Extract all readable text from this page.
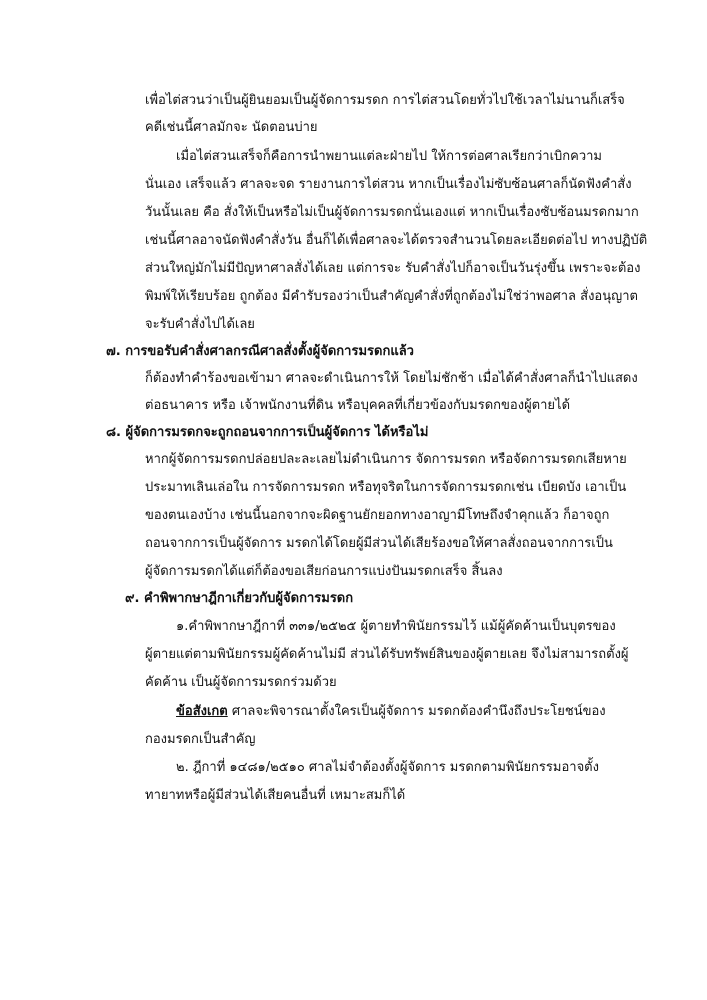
เพื่อไต่สวนว่าเป็นผู้ยินยอมเป็นผู้จัดการมรดก การไต่สวนโดยทั่วไปใช้เวลาไม่นานก็เสร็จ
คดีเช่นนี้ศาลมักจะ นัดตอนบ่าย
เมื่อไต่สวนเสร็จก็คือการนำพยานแต่ละฝ่ายไป ให้การต่อศาลเรียกว่าเบิกความ
นั่นเอง เสร็จแล้ว ศาลจะจด รายงานการไต่สวน หากเป็นเรื่องไม่ซับซ้อนศาลก็นัดฟังคำสั่ง
วันนั้นเลย คือ สั่งให้เป็นหรือไม่เป็นผู้จัดการมรดกนั่นเองแต่ หากเป็นเรื่องซับซ้อนมรดกมาก
เช่นนี้ศาลอาจนัดฟังคำสั่งวัน อื่นก็ได้เพื่อศาลจะได้ตรวจสำนวนโดยละเอียดต่อไป ทางปฏิบัติ
ส่วนใหญ่มักไม่มีปัญหาศาลสั่งได้เลย แต่การจะ รับคำสั่งไปก็อาจเป็นวันรุ่งขึ้น เพราะจะต้อง
พิมพ์ให้เรียบร้อย ถูกต้อง มีคำรับรองว่าเป็นสำคัญคำสั่งที่ถูกต้องไม่ใช่ว่าพอศาล สั่งอนุญาต
จะรับคำสั่งไปได้เลย
๗. การขอรับคำสั่งศาลกรณีศาลสั่งตั้งผู้จัดการมรดกแล้ว
ก็ต้องทำคำร้องขอเข้ามา ศาลจะดำเนินการให้ โดยไม่ชักช้า เมื่อได้คำสั่งศาลก็นำไปแสดง
ต่อธนาคาร หรือ เจ้าพนักงานที่ดิน หรือบุคคลที่เกี่ยวข้องกับมรดกของผู้ตายได้
๘. ผู้จัดการมรดกจะถูกถอนจากการเป็นผู้จัดการ ได้หรือไม่
หากผู้จัดการมรดกปล่อยปละละเลยไม่ดำเนินการ จัดการมรดก หรือจัดการมรดกเสียหาย
ประมาทเลินเล่อใน การจัดการมรดก หรือทุจริตในการจัดการมรดกเช่น เบียดบัง เอาเป็น
ของตนเองบ้าง เช่นนี้นอกจากจะผิดฐานยักยอกทางอาญามีโทษถึงจำคุกแล้ว ก็อาจถูก
ถอนจากการเป็นผู้จัดการ มรดกได้โดยผู้มีส่วนได้เสียร้องขอให้ศาลสั่งถอนจากการเป็น
ผู้จัดการมรดกได้แต่ก็ต้องขอเสียก่อนการแบ่งปันมรดกเสร็จ สิ้นลง
๙. คำพิพากษาฎีกาเกี่ยวกับผู้จัดการมรดก
๑.คำพิพากษาฎีกาที่ ๓๓๑/๒๕๒๕ ผู้ตายทำพินัยกรรมไว้ แม้ผู้คัดค้านเป็นบุตรของ
ผู้ตายแต่ตามพินัยกรรมผู้คัดค้านไม่มี ส่วนได้รับทรัพย์สินของผู้ตายเลย จึงไม่สามารถตั้งผู้
คัดค้าน เป็นผู้จัดการมรดกร่วมด้วย
ข้อสังเกต ศาลจะพิจารณาตั้งใครเป็นผู้จัดการ มรดกต้องคำนึงถึงประโยชน์ของ
กองมรดกเป็นสำคัญ
๒. ฎีกาที่ ๑๔๘๑/๒๕๑๐ ศาลไม่จำต้องตั้งผู้จัดการ มรดกตามพินัยกรรมอาจตั้ง
ทายาทหรือผู้มีส่วนได้เสียคนอื่นที่ เหมาะสมก็ได้
